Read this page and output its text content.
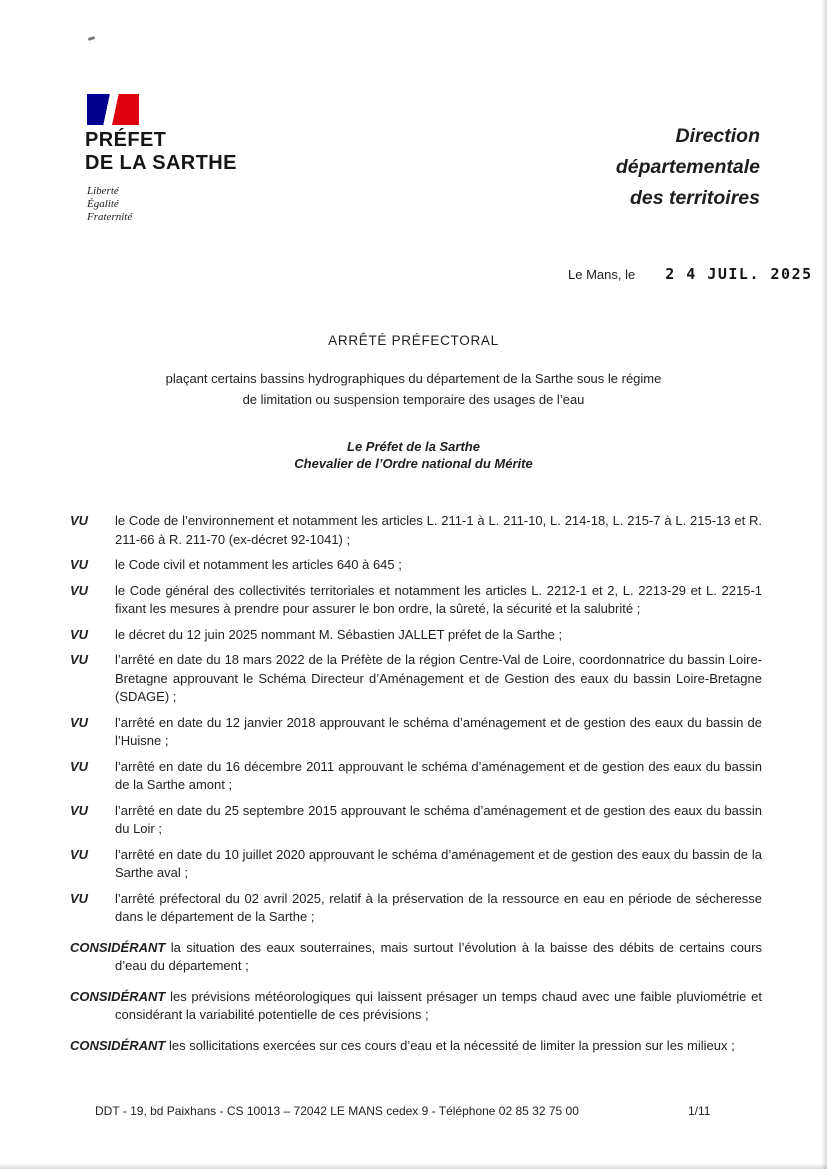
PRÉFET
DE LA SARTHE
Liberté
Égalité
Fraternité
Direction
départementale
des territoires
Le Mans, le 2 4 JUIL. 2025
ARRÊTÉ PRÉFECTORAL
plaçant certains bassins hydrographiques du département de la Sarthe sous le régime
de limitation ou suspension temporaire des usages de l’eau
Le Préfet de la Sarthe
Chevalier de l’Ordre national du Mérite
VU	le Code de l’environnement et notamment les articles L. 211-1 à L. 211-10, L. 214-18, L. 215-7 à L. 215-13 et R. 211-66 à R. 211-70 (ex-décret 92-1041) ;
VU	le Code civil et notamment les articles 640 à 645 ;
VU	le Code général des collectivités territoriales et notamment les articles L. 2212-1 et 2, L. 2213-29 et L. 2215-1 fixant les mesures à prendre pour assurer le bon ordre, la sûreté, la sécurité et la salubrité ;
VU	le décret du 12 juin 2025 nommant M. Sébastien JALLET préfet de la Sarthe ;
VU	l’arrêté en date du 18 mars 2022 de la Préfète de la région Centre-Val de Loire, coordonnatrice du bassin Loire-Bretagne approuvant le Schéma Directeur d’Aménagement et de Gestion des eaux du bassin Loire-Bretagne (SDAGE) ;
VU	l’arrêté en date du 12 janvier 2018 approuvant le schéma d’aménagement et de gestion des eaux du bassin de l’Huisne ;
VU	l’arrêté en date du 16 décembre 2011 approuvant le schéma d’aménagement et de gestion des eaux du bassin de la Sarthe amont ;
VU	l’arrêté en date du 25 septembre 2015 approuvant le schéma d’aménagement et de gestion des eaux du bassin du Loir ;
VU	l’arrêté en date du 10 juillet 2020 approuvant le schéma d’aménagement et de gestion des eaux du bassin de la Sarthe aval ;
VU	l’arrêté préfectoral du 02 avril 2025, relatif à la préservation de la ressource en eau en période de sécheresse dans le département de la Sarthe ;

CONSIDÉRANT la situation des eaux souterraines, mais surtout l’évolution à la baisse des débits de certains cours d’eau du département ;

CONSIDÉRANT les prévisions météorologiques qui laissent présager un temps chaud avec une faible pluviométrie et considérant la variabilité potentielle de ces prévisions ;

CONSIDÉRANT les sollicitations exercées sur ces cours d’eau et la nécessité de limiter la pression sur les milieux ;

DDT - 19, bd Paixhans - CS 10013 – 72042 LE MANS cedex 9 - Téléphone 02 85 32 75 00	1/11
